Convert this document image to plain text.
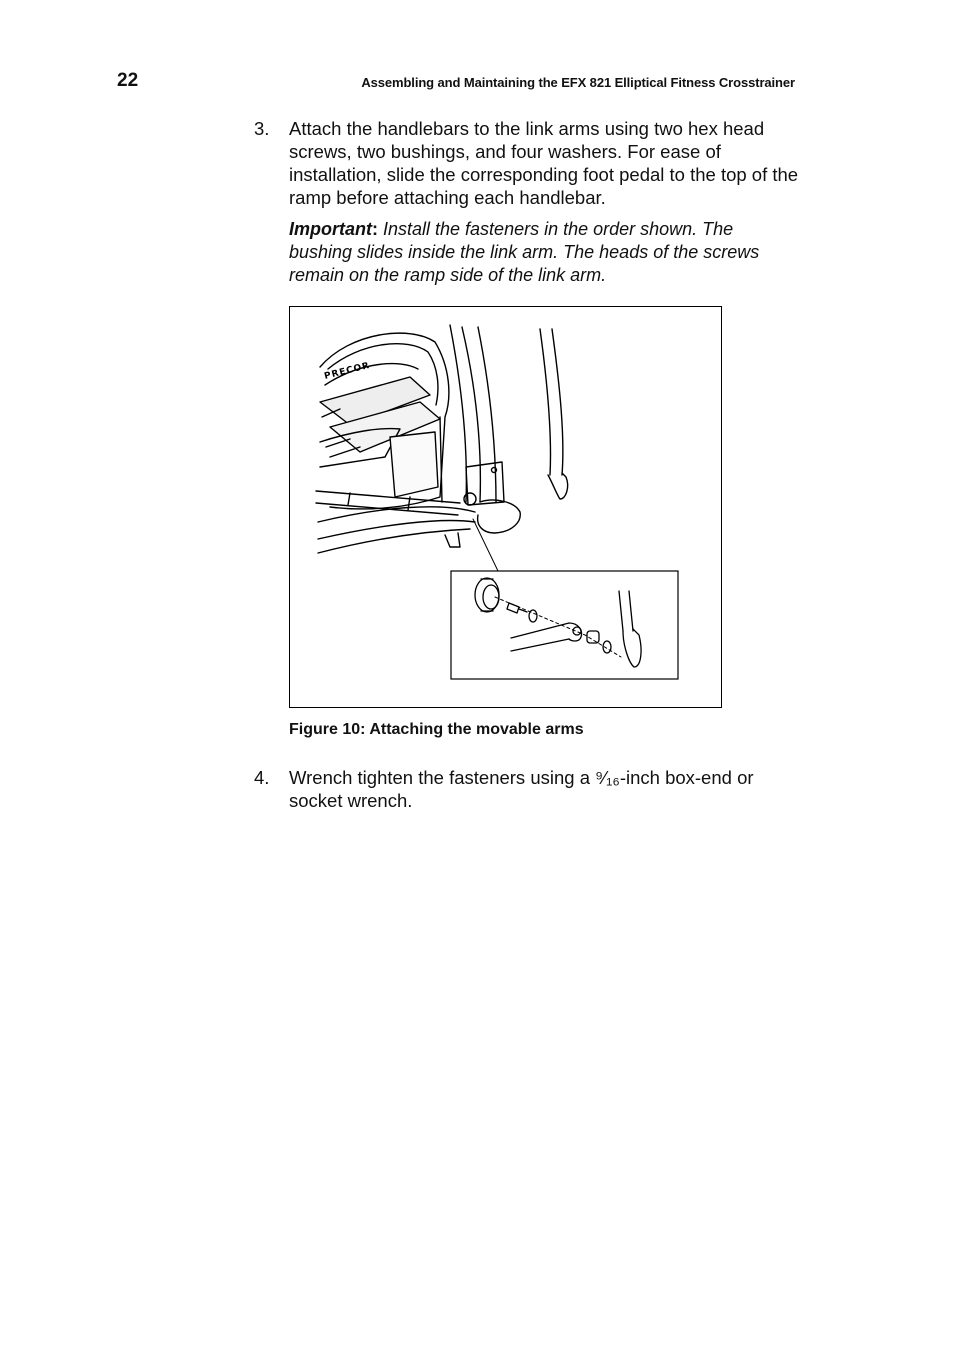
22	Assembling and Maintaining the EFX 821 Elliptical Fitness Crosstrainer
3. Attach the handlebars to the link arms using two hex head screws, two bushings, and four washers. For ease of installation, slide the corresponding foot pedal to the top of the ramp before attaching each handlebar.
Important: Install the fasteners in the order shown. The bushing slides inside the link arm. The heads of the screws remain on the ramp side of the link arm.
PRECOR
Figure 10: Attaching the movable arms
4. Wrench tighten the fasteners using a ⁹⁄₁₆-inch box-end or socket wrench.
